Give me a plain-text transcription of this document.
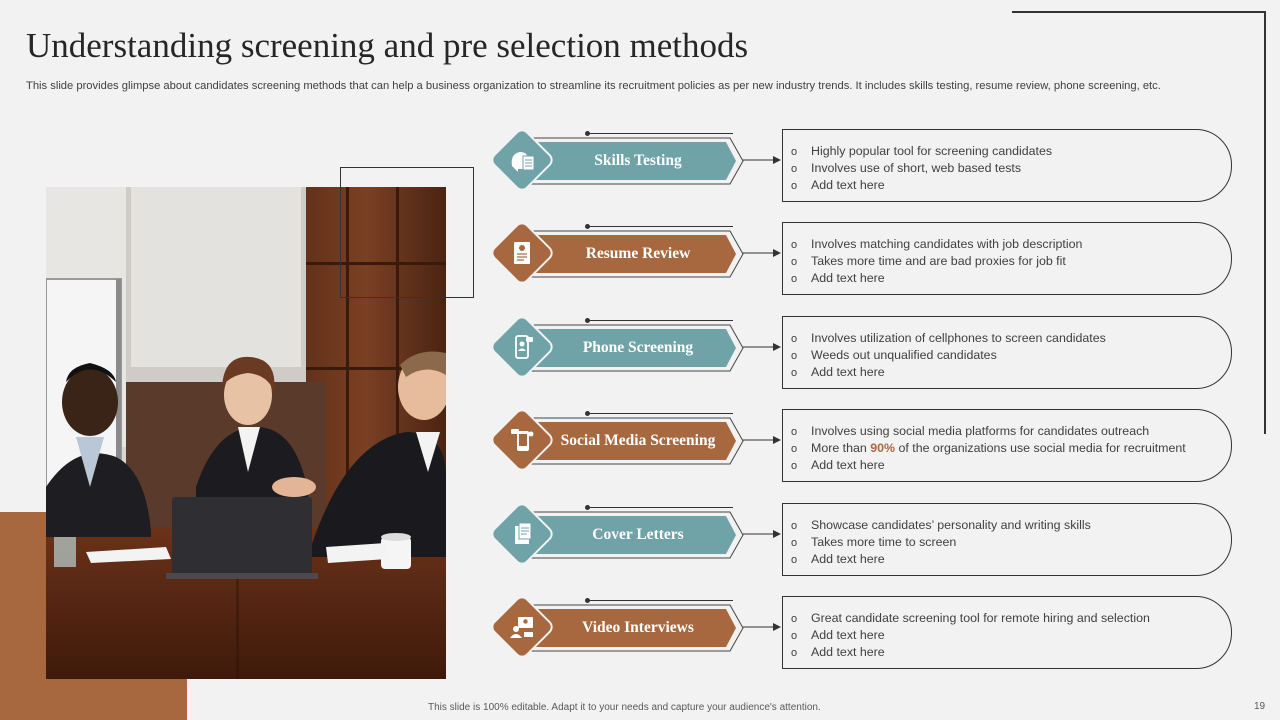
Understanding screening and pre selection methods
This slide provides glimpse about candidates screening methods that can help a business organization to streamline its recruitment policies as per new industry trends. It includes skills testing, resume review, phone screening, etc.
Skills Testing	o Highly popular tool for screening candidates
o Involves use of short, web based tests
o Add text here
Resume Review	o Involves matching candidates with job description
o Takes more time and are bad proxies for job fit
o Add text here
Phone Screening	o Involves utilization of cellphones to screen candidates
o Weeds out unqualified candidates
o Add text here
Social Media Screening	o Involves using social media platforms for candidates outreach
o More than 90% of the organizations use social media for recruitment
o Add text here
Cover Letters	o Showcase candidates’ personality and writing skills
o Takes more time to screen
o Add text here
Video Interviews	o Great candidate screening tool for remote hiring and selection
o Add text here
o Add text here
This slide is 100% editable. Adapt it to your needs and capture your audience's attention.	19
